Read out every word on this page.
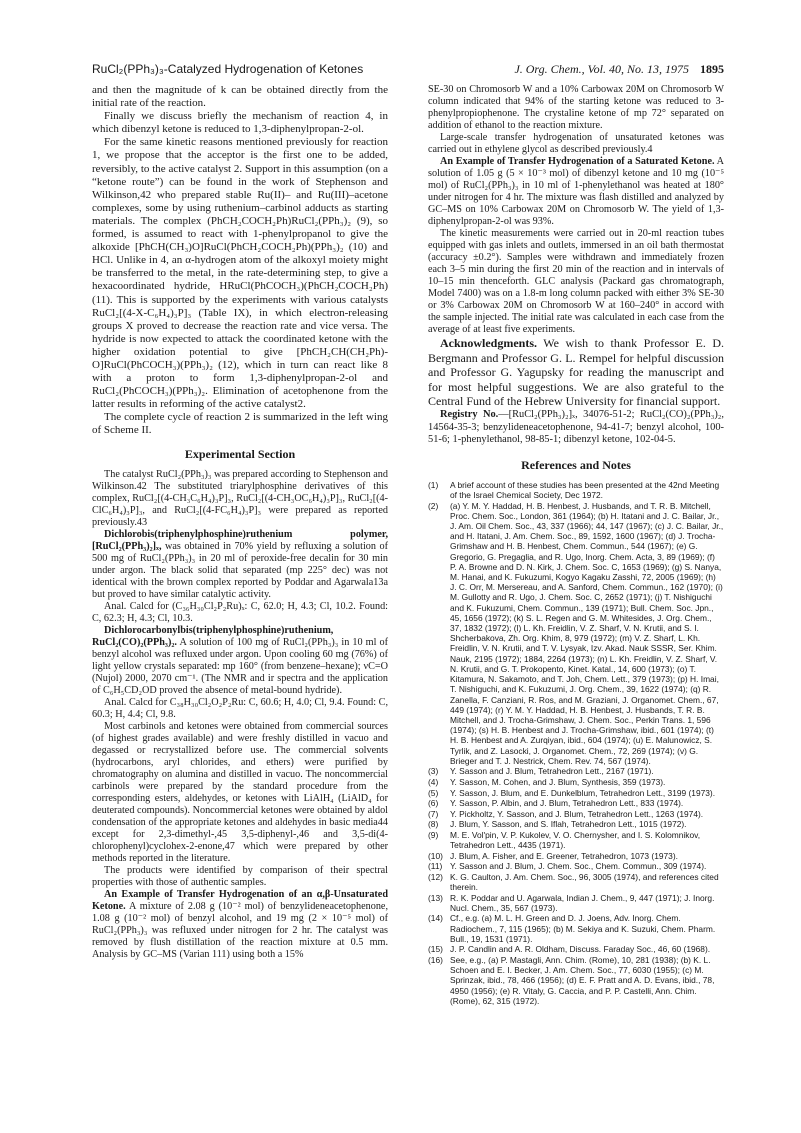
RuCl₂(PPh₃)₃-Catalyzed Hydrogenation of Ketones	J. Org. Chem., Vol. 40, No. 13, 1975 1895

and then the magnitude of k can be obtained directly from the initial rate of the reaction.

Finally we discuss briefly the mechanism of reaction 4, in which dibenzyl ketone is reduced to 1,3-diphenylpropan-2-ol.

For the same kinetic reasons mentioned previously for reaction 1, we propose that the acceptor is the first one to be added, reversibly, to the active catalyst 2. Support in this assumption (on a “ketone route”) can be found in the work of Stephenson and Wilkinson,42 who prepared stable Ru(II)– and Ru(III)–acetone complexes, some by using ruthenium–carbinol adducts as starting materials. The complex (PhCH₂COCH₂Ph)RuCl₂(PPh₃)₂ (9), so formed, is assumed to react with 1-phenylpropanol to give the alkoxide [PhCH(CH₃)O]RuCl(PhCH₂COCH₂Ph)(PPh₃)₂ (10) and HCl. Unlike in 4, an α-hydrogen atom of the alkoxyl moiety might be transferred to the metal, in the rate-determining step, to give a hexacoordinated hydride, HRuCl(PhCOCH₃)(PhCH₂COCH₂Ph) (11). This is supported by the experiments with various catalysts RuCl₂[(4-X-C₆H₄)₃P]₃ (Table IX), in which electron-releasing groups X proved to decrease the reaction rate and vice versa. The hydride is now expected to attack the coordinated ketone with the higher oxidation potential to give [PhCH₂CH(CH₂Ph)-O]RuCl(PhCOCH₃)(PPh₃)₂ (12), which in turn can react like 8 with a proton to form 1,3-diphenylpropan-2-ol and RuCl₂(PhCOCH₃)(PPh₃)₂. Elimination of acetophenone from the latter results in reforming of the active catalyst2.

The complete cycle of reaction 2 is summarized in the left wing of Scheme II.

Experimental Section

The catalyst RuCl₂(PPh₃)₃ was prepared according to Stephenson and Wilkinson.42 The substituted triarylphosphine derivatives of this complex, RuCl₂[(4-CH₃C₆H₄)₃P]₃, RuCl₂[(4-CH₃OC₆H₄)₃P]₃, RuCl₂[(4-ClC₆H₄)₃P]₃, and RuCl₂[(4-FC₆H₄)₃P]₃ were prepared as reported previously.43

Dichlorobis(triphenylphosphine)ruthenium polymer, [RuCl₂(PPh₃)₂]ₓ, was obtained in 70% yield by refluxing a solution of 500 mg of RuCl₂(PPh₃)₃ in 20 ml of peroxide-free decalin for 30 min under argon. The black solid that separated (mp 225° dec) was not identical with the brown complex reported by Poddar and Agarwala13a but proved to have similar catalytic activity.

Anal. Calcd for (C₃₆H₃₀Cl₂P₂Ru)ₓ: C, 62.0; H, 4.3; Cl, 10.2. Found: C, 62.3; H, 4.3; Cl, 10.3.

Dichlorocarbonylbis(triphenylphosphine)ruthenium, RuCl₂(CO)₂(PPh₃)₂. A solution of 100 mg of RuCl₂(PPh₃)₃ in 10 ml of benzyl alcohol was refluxed under argon. Upon cooling 60 mg (76%) of light yellow crystals separated: mp 160° (from benzene–hexane); νC=O (Nujol) 2000, 2070 cm⁻¹. (The NMR and ir spectra and the application of C₆H₅CD₂OD proved the absence of metal-bound hydride).

Anal. Calcd for C₃₈H₃₀Cl₂O₂P₂Ru: C, 60.6; H, 4.0; Cl, 9.4. Found: C, 60.3; H, 4.4; Cl, 9.8.

Most carbinols and ketones were obtained from commercial sources (of highest grades available) and were freshly distilled in vacuo and degassed or recrystallized before use. The commercial solvents (hydrocarbons, aryl chlorides, and ethers) were purified by chromatography on alumina and distilled in vacuo. The noncommercial carbinols were prepared by the standard procedure from the corresponding esters, aldehydes, or ketones with LiAlH₄ (LiAlD₄ for deuterated compounds). Noncommercial ketones were obtained by aldol condensation of the appropriate ketones and aldehydes in basic media44 except for 2,3-dimethyl-,45 3,5-diphenyl-,46 and 3,5-di(4-chlorophenyl)cyclohex-2-enone,47 which were prepared by other methods reported in the literature.

The products were identified by comparison of their spectral properties with those of authentic samples.

An Example of Transfer Hydrogenation of an α,β-Unsaturated Ketone. A mixture of 2.08 g (10⁻² mol) of benzylideneacetophenone, 1.08 g (10⁻² mol) of benzyl alcohol, and 19 mg (2 × 10⁻⁵ mol) of RuCl₂(PPh₃)₃ was refluxed under nitrogen for 2 hr. The catalyst was removed by flush distillation of the reaction mixture at 0.5 mm. Analysis by GC–MS (Varian 111) using both a 15%

SE-30 on Chromosorb W and a 10% Carbowax 20M on Chromosorb W column indicated that 94% of the starting ketone was reduced to 3-phenylpropiophenone. The crystaline ketone of mp 72° separated on addition of ethanol to the reaction mixture.

Large-scale transfer hydrogenation of unsaturated ketones was carried out in ethylene glycol as described previously.4

An Example of Transfer Hydrogenation of a Saturated Ketone. A solution of 1.05 g (5 × 10⁻³ mol) of dibenzyl ketone and 10 mg (10⁻⁵ mol) of RuCl₂(PPh₃)₃ in 10 ml of 1-phenylethanol was heated at 180° under nitrogen for 4 hr. The mixture was flash distilled and analyzed by GC–MS on 10% Carbowax 20M on Chromosorb W. The yield of 1,3-diphenylpropan-2-ol was 93%.

The kinetic measurements were carried out in 20-ml reaction tubes equipped with gas inlets and outlets, immersed in an oil bath thermostat (accuracy ±0.2°). Samples were withdrawn and immediately frozen each 3–5 min during the first 20 min of the reaction and in intervals of 10–15 min thenceforth. GLC analysis (Packard gas chromatograph, Model 7400) was on a 1.8-m long column packed with either 3% SE-30 or 3% Carbowax 20M on Chromosorb W at 160–240° in accord with the sample injected. The initial rate was calculated in each case from the average of at least five experiments.

Acknowledgments. We wish to thank Professor E. D. Bergmann and Professor G. L. Rempel for helpful discussion and Professor G. Yagupsky for reading the manuscript and for most helpful suggestions. We are also grateful to the Central Fund of the Hebrew University for financial support.

Registry No.—[RuCl₂(PPh₃)₂]ₓ, 34076-51-2; RuCl₂(CO)₂(PPh₃)₂, 14564-35-3; benzylideneacetophenone, 94-41-7; benzyl alcohol, 100-51-6; 1-phenylethanol, 98-85-1; dibenzyl ketone, 102-04-5.

References and Notes
(1)	A brief account of these studies has been presented at the 42nd Meeting of the Israel Chemical Society, Dec 1972.
(2)	(a) Y. M. Y. Haddad, H. B. Henbest, J. Husbands, and T. R. B. Mitchell, Proc. Chem. Soc., London, 361 (1964); (b) H. Itatani and J. C. Bailar, Jr., J. Am. Oil Chem. Soc., 43, 337 (1966); 44, 147 (1967); (c) J. C. Bailar, Jr., and H. Itatani, J. Am. Chem. Soc., 89, 1592, 1600 (1967); (d) J. Trocha-Grimshaw and H. B. Henbest, Chem. Commun., 544 (1967); (e) G. Gregorio, G. Pregaglia, and R. Ugo, Inorg. Chem. Acta, 3, 89 (1969); (f) P. A. Browne and D. N. Kirk, J. Chem. Soc. C, 1653 (1969); (g) S. Nanya, M. Hanai, and K. Fukuzumi, Kogyo Kagaku Zasshi, 72, 2005 (1969); (h) J. C. Orr, M. Mersereau, and A. Sanford, Chem. Commun., 162 (1970); (i) M. Gullotty and R. Ugo, J. Chem. Soc. C, 2652 (1971); (j) T. Nishiguchi and K. Fukuzumi, Chem. Commun., 139 (1971); Bull. Chem. Soc. Jpn., 45, 1656 (1972); (k) S. L. Regen and G. M. Whitesides, J. Org. Chem., 37, 1832 (1972); (l) L. Kh. Freidlin, V. Z. Sharf, V. N. Krutii, and S. I. Shcherbakova, Zh. Org. Khim, 8, 979 (1972); (m) V. Z. Sharf, L. Kh. Freidlin, V. N. Krutii, and T. V. Lysyak, Izv. Akad. Nauk SSSR, Ser. Khim. Nauk, 2195 (1972); 1884, 2264 (1973); (n) L. Kh. Freidlin, V. Z. Sharf, V. N. Krutii, and G. T. Prokopento, Kinet. Katal., 14, 600 (1973); (o) T. Kitamura, N. Sakamoto, and T. Joh, Chem. Lett., 379 (1973); (p) H. Imai, T. Nishiguchi, and K. Fukuzumi, J. Org. Chem., 39, 1622 (1974); (q) R. Zanella, F. Canziani, R. Ros, and M. Graziani, J. Organomet. Chem., 67, 449 (1974); (r) Y. M. Y. Haddad, H. B. Henbest, J. Husbands, T. R. B. Mitchell, and J. Trocha-Grimshaw, J. Chem. Soc., Perkin Trans. 1, 596 (1974); (s) H. B. Henbest and J. Trocha-Grimshaw, ibid., 601 (1974); (t) H. B. Henbest and A. Zurqiyan, ibid., 604 (1974); (u) E. Malunowicz, S. Tyrlik, and Z. Lasocki, J. Organomet. Chem., 72, 269 (1974); (v) G. Brieger and T. J. Nestrick, Chem. Rev. 74, 567 (1974).
(3)	Y. Sasson and J. Blum, Tetrahedron Lett., 2167 (1971).
(4)	Y. Sasson, M. Cohen, and J. Blum, Synthesis, 359 (1973).
(5)	Y. Sasson, J. Blum, and E. Dunkelblum, Tetrahedron Lett., 3199 (1973).
(6)	Y. Sasson, P. Albin, and J. Blum, Tetrahedron Lett., 833 (1974).
(7)	Y. Pickholtz, Y. Sasson, and J. Blum, Tetrahedron Lett., 1263 (1974).
(8)	J. Blum, Y. Sasson, and S. Iflah, Tetrahedron Lett., 1015 (1972).
(9)	M. E. Vol'pin, V. P. Kukolev, V. O. Chernysher, and I. S. Kolomnikov, Tetrahedron Lett., 4435 (1971).
(10) J. Blum, A. Fisher, and E. Greener, Tetrahedron, 1073 (1973).
(11) Y. Sasson and J. Blum, J. Chem. Soc., Chem. Commun., 309 (1974).
(12) K. G. Caulton, J. Am. Chem. Soc., 96, 3005 (1974), and references cited therein.
(13) R. K. Poddar and U. Agarwala, Indian J. Chem., 9, 447 (1971); J. Inorg. Nucl. Chem., 35, 567 (1973).
(14) Cf., e.g. (a) M. L. H. Green and D. J. Joens, Adv. Inorg. Chem. Radiochem., 7, 115 (1965); (b) M. Sekiya and K. Suzuki, Chem. Pharm. Bull., 19, 1531 (1971).
(15) J. P. Candlin and A. R. Oldham, Discuss. Faraday Soc., 46, 60 (1968).
(16) See, e.g., (a) P. Mastagli, Ann. Chim. (Rome), 10, 281 (1938); (b) K. L. Schoen and E. I. Becker, J. Am. Chem. Soc., 77, 6030 (1955); (c) M. Sprinzak, ibid., 78, 466 (1956); (d) E. F. Pratt and A. D. Evans, ibid., 78, 4950 (1956); (e) R. Vitaly, G. Caccia, and P. P. Castelli, Ann. Chim. (Rome), 62, 315 (1972).
